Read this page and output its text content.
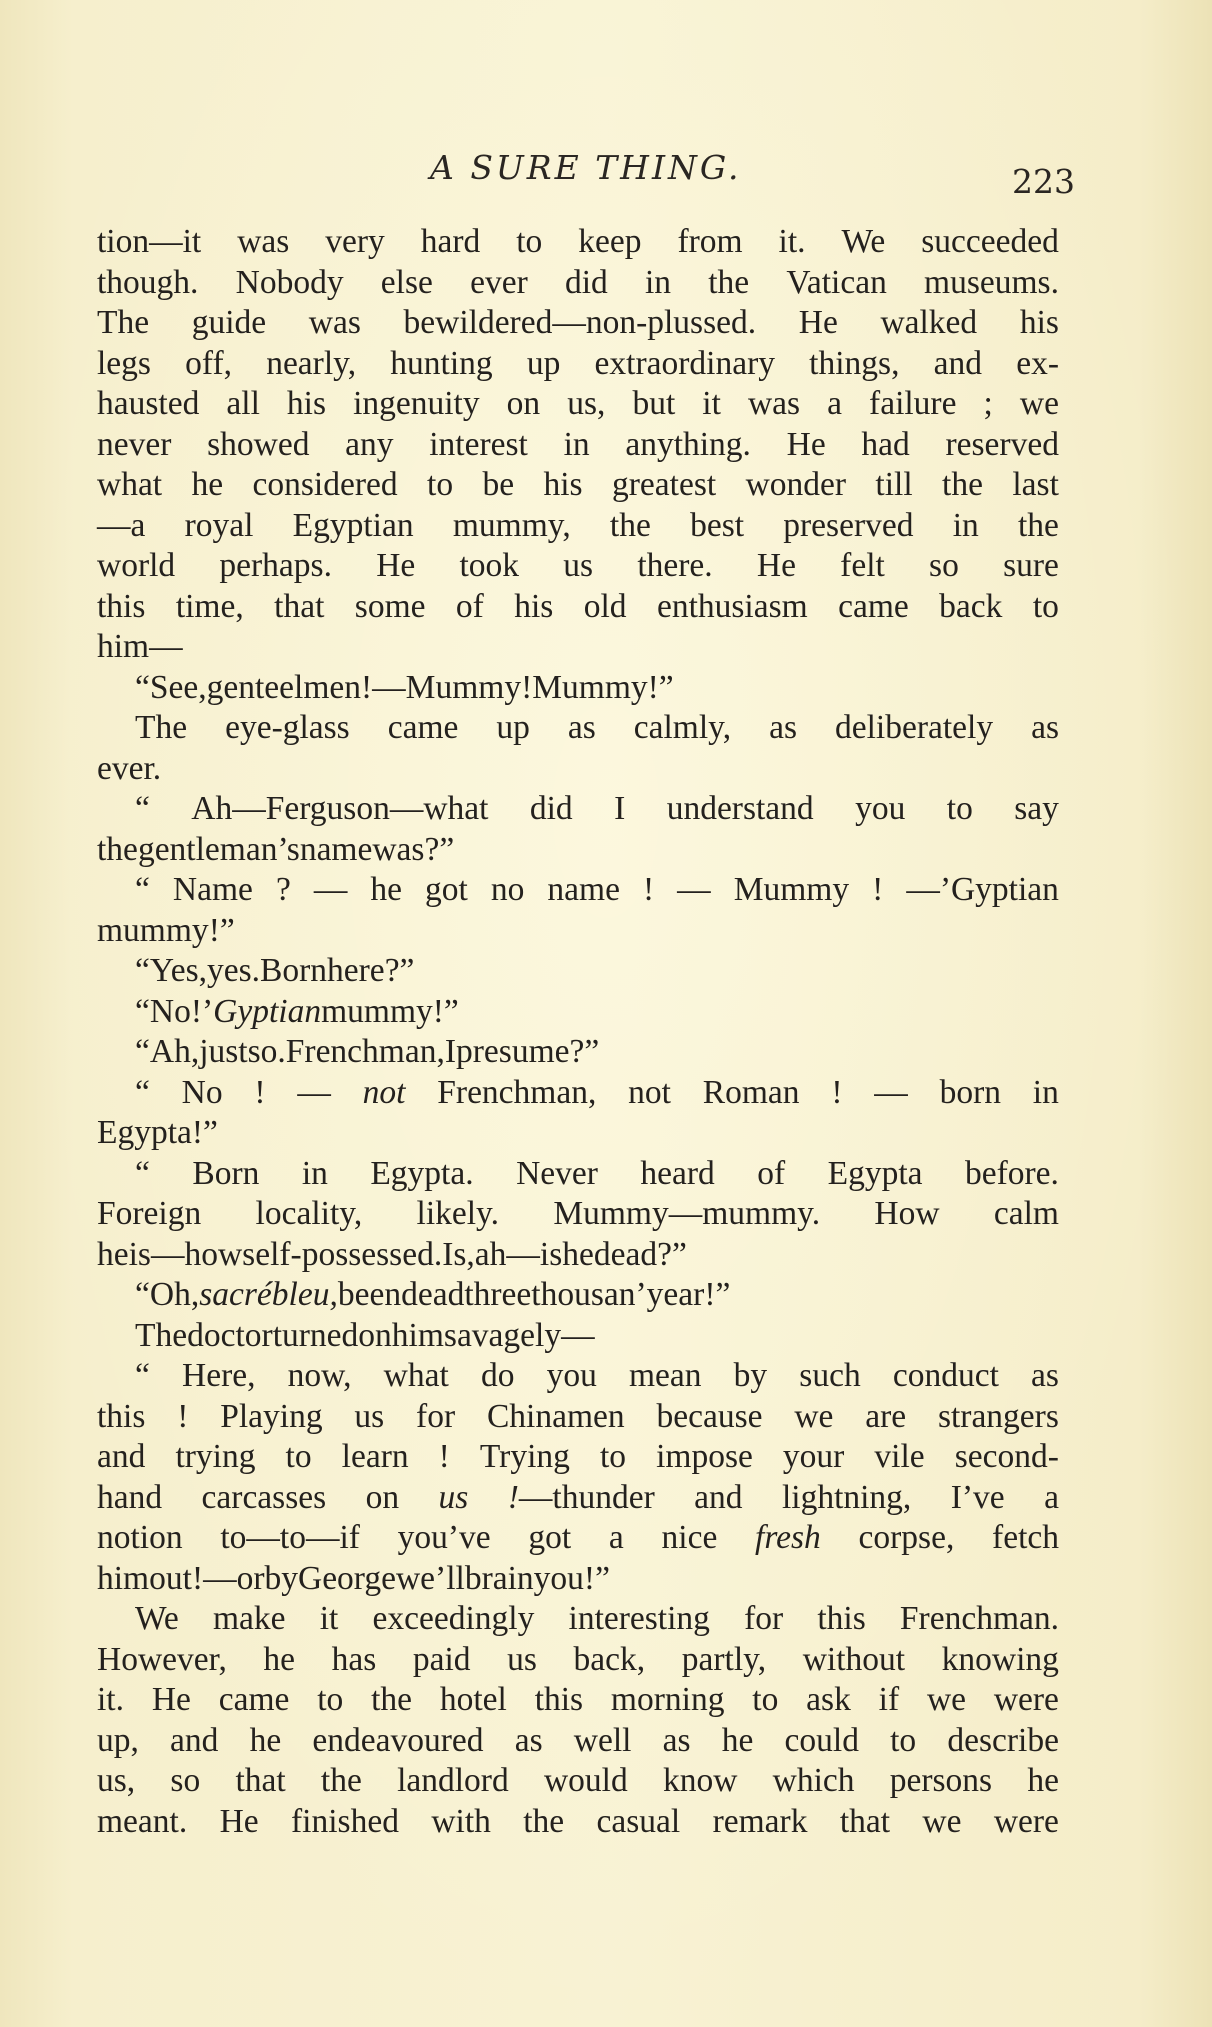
A SURE THING.	223
tion—it was very hard to keep from it. We succeeded
though. Nobody else ever did in the Vatican museums.
The guide was bewildered—non-plussed. He walked his
legs off, nearly, hunting up extraordinary things, and ex-
hausted all his ingenuity on us, but it was a failure ; we
never showed any interest in anything. He had reserved
what he considered to be his greatest wonder till the last
—a royal Egyptian mummy, the best preserved in the
world perhaps. He took us there. He felt so sure
this time, that some of his old enthusiasm came back to
him—
“ See, genteelmen !—Mummy ! Mummy !”
The eye-glass came up as calmly, as deliberately as
ever.
“ Ah—Ferguson—what did I understand you to say
the gentleman’s name was ?”
“ Name ? — he got no name ! — Mummy ! —’Gyptian
mummy !”
“ Yes, yes. Born here ?”
“ No ! ’Gyptian mummy !”
“ Ah, just so. Frenchman, I presume ?”
“ No ! — not Frenchman, not Roman ! — born in
Egypta !”
“ Born in Egypta. Never heard of Egypta before.
Foreign locality, likely. Mummy—mummy. How calm
he is—how self-possessed. Is, ah—is he dead ?”
“ Oh, sacré bleu, been dead three thousan’ year !”
The doctor turned on him savagely—
“ Here, now, what do you mean by such conduct as
this ! Playing us for Chinamen because we are strangers
and trying to learn ! Trying to impose your vile second-
hand carcasses on us !—thunder and lightning, I’ve a
notion to—to—if you’ve got a nice fresh corpse, fetch
him out !—or by George we’ll brain you !”
We make it exceedingly interesting for this Frenchman.
However, he has paid us back, partly, without knowing
it. He came to the hotel this morning to ask if we were
up, and he endeavoured as well as he could to describe
us, so that the landlord would know which persons he
meant. He finished with the casual remark that we were
